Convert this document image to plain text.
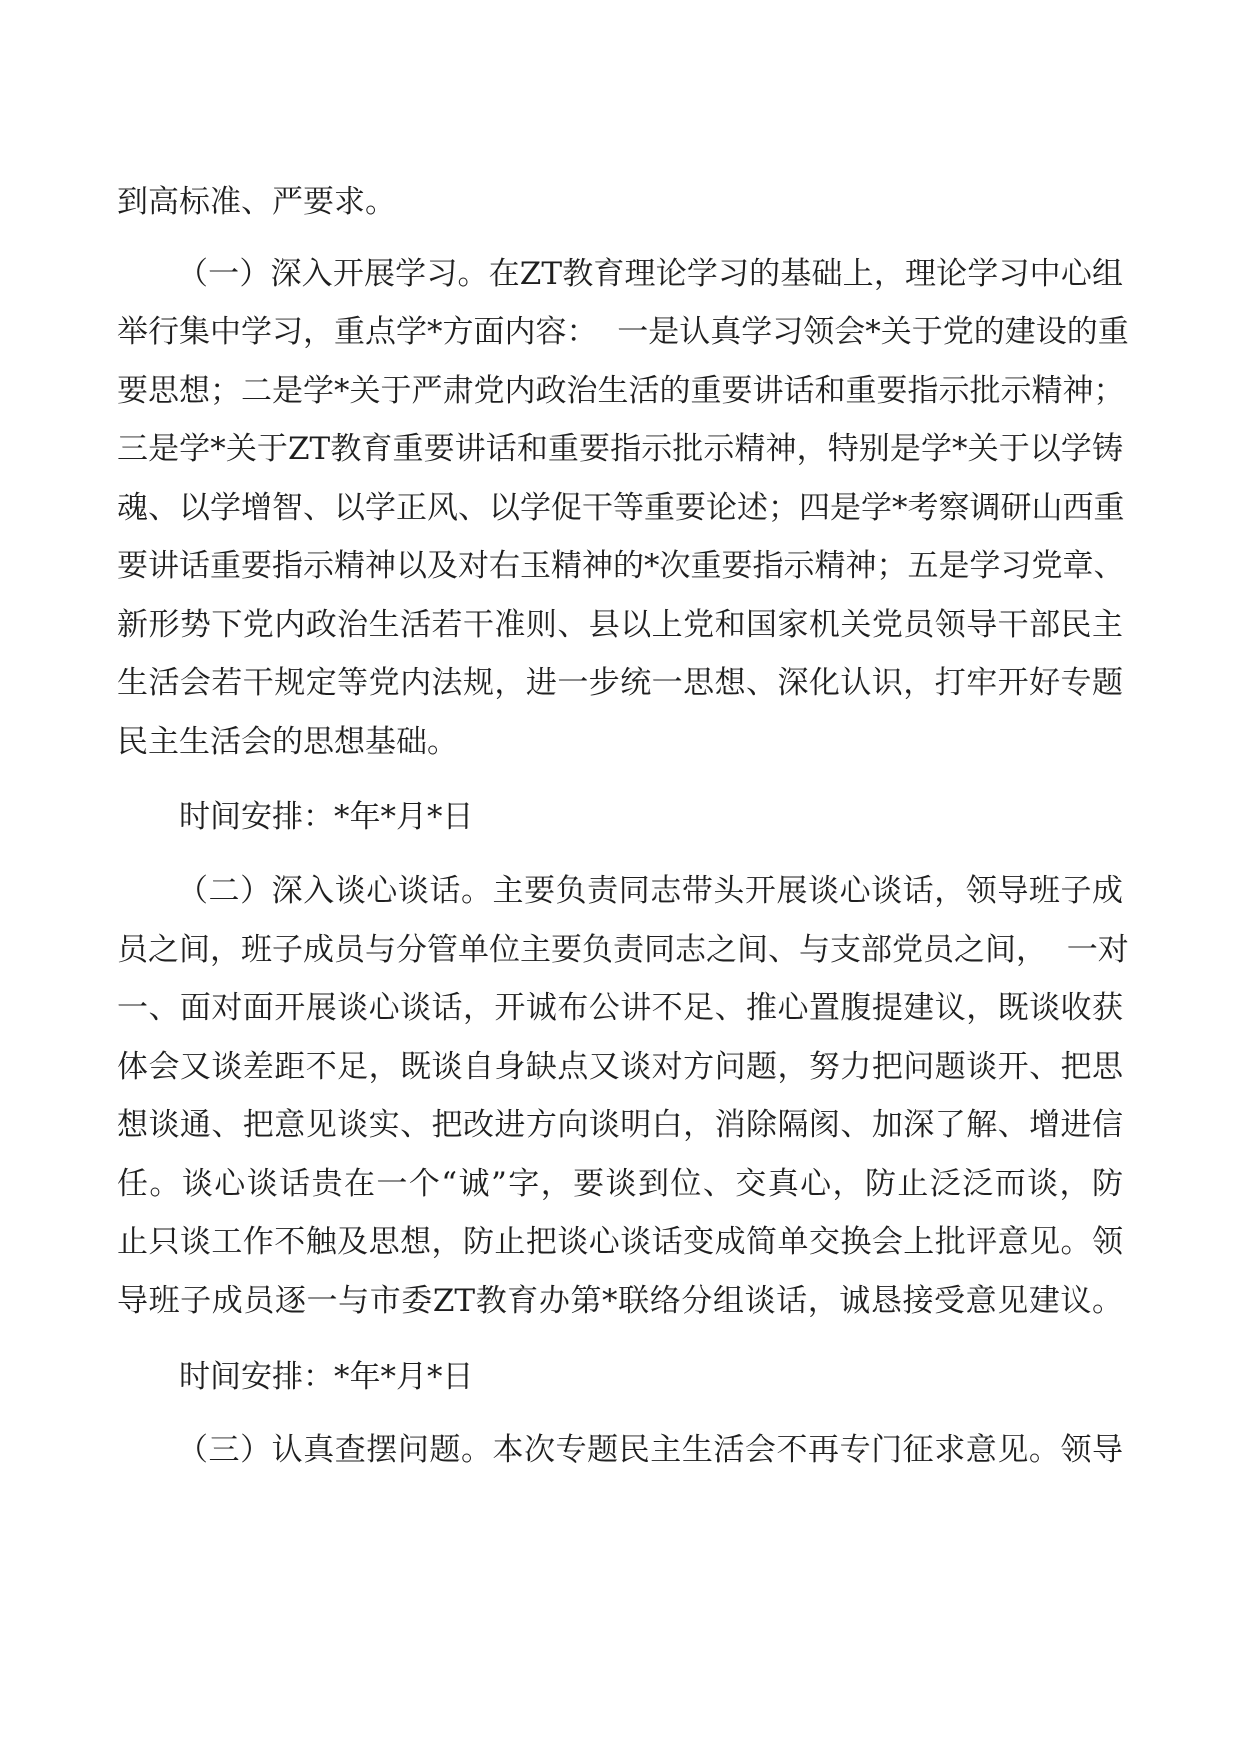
到高标准、严要求。
（一）深入开展学习。在ZT教育理论学习的基础上，理论学习中心组
举行集中学习，重点学*方面内容：  一是认真学习领会*关于党的建设的重
要思想；二是学*关于严肃党内政治生活的重要讲话和重要指示批示精神；
三是学*关于ZT教育重要讲话和重要指示批示精神，特别是学*关于以学铸
魂、以学增智、以学正风、以学促干等重要论述；四是学*考察调研山西重
要讲话重要指示精神以及对右玉精神的*次重要指示精神；五是学习党章、
新形势下党内政治生活若干准则、县以上党和国家机关党员领导干部民主
生活会若干规定等党内法规，进一步统一思想、深化认识，打牢开好专题
民主生活会的思想基础。
时间安排：*年*月*日
（二）深入谈心谈话。主要负责同志带头开展谈心谈话，领导班子成
员之间，班子成员与分管单位主要负责同志之间、与支部党员之间，  一对
一、面对面开展谈心谈话，开诚布公讲不足、推心置腹提建议，既谈收获
体会又谈差距不足，既谈自身缺点又谈对方问题，努力把问题谈开、把思
想谈通、把意见谈实、把改进方向谈明白，消除隔阂、加深了解、增进信
任。谈心谈话贵在一个“诚”字，要谈到位、交真心，防止泛泛而谈，防
止只谈工作不触及思想，防止把谈心谈话变成简单交换会上批评意见。领
导班子成员逐一与市委ZT教育办第*联络分组谈话，诚恳接受意见建议。
时间安排：*年*月*日
（三）认真查摆问题。本次专题民主生活会不再专门征求意见。领导
